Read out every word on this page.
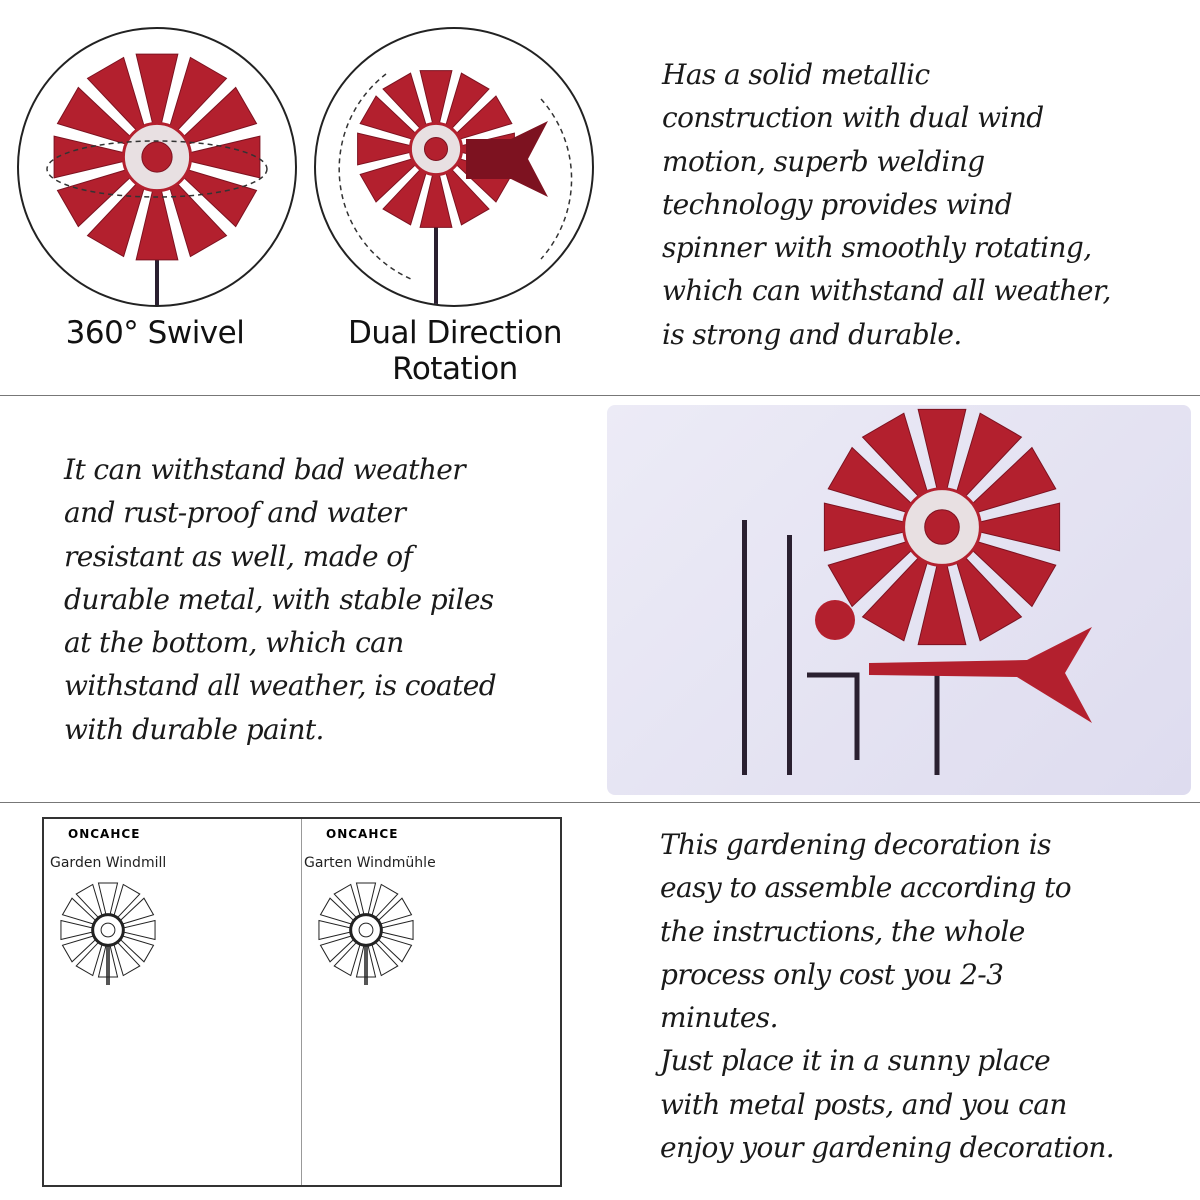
360° Swivel	Dual Direction
Rotation
Has a solid metallic
construction with dual wind
motion, superb welding
technology provides wind
spinner with smoothly rotating,
which can withstand all weather,
is strong and durable.
It can withstand bad weather
and rust-proof and water
resistant as well, made of
durable metal, with stable piles
at the bottom, which can
withstand all weather, is coated
with durable paint.
ONCAHCE
Garden Windmill
ONCAHCE
Garten Windmühle
This gardening decoration is
easy to assemble according to
the instructions, the whole
process only cost you 2-3
minutes.
Just place it in a sunny place
with metal posts, and you can
enjoy your gardening decoration.
